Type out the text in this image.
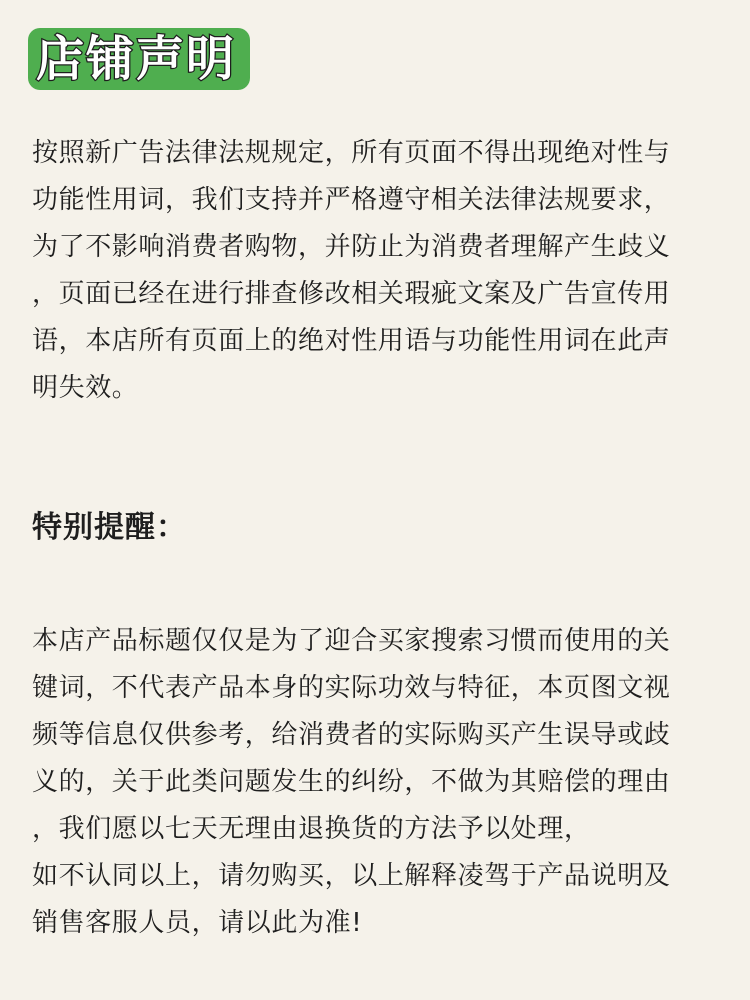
店铺声明

按照新广告法律法规规定，所有页面不得出现绝对性与
功能性用词，我们支持并严格遵守相关法律法规要求，
为了不影响消费者购物，并防止为消费者理解产生歧义
，页面已经在进行排查修改相关瑕疵文案及广告宣传用
语，本店所有页面上的绝对性用语与功能性用词在此声
明失效。

特别提醒：

本店产品标题仅仅是为了迎合买家搜索习惯而使用的关
键词，不代表产品本身的实际功效与特征，本页图文视
频等信息仅供参考，给消费者的实际购买产生误导或歧
义的，关于此类问题发生的纠纷，不做为其赔偿的理由
，我们愿以七天无理由退换货的方法予以处理，
如不认同以上，请勿购买，以上解释凌驾于产品说明及
销售客服人员，请以此为准!
